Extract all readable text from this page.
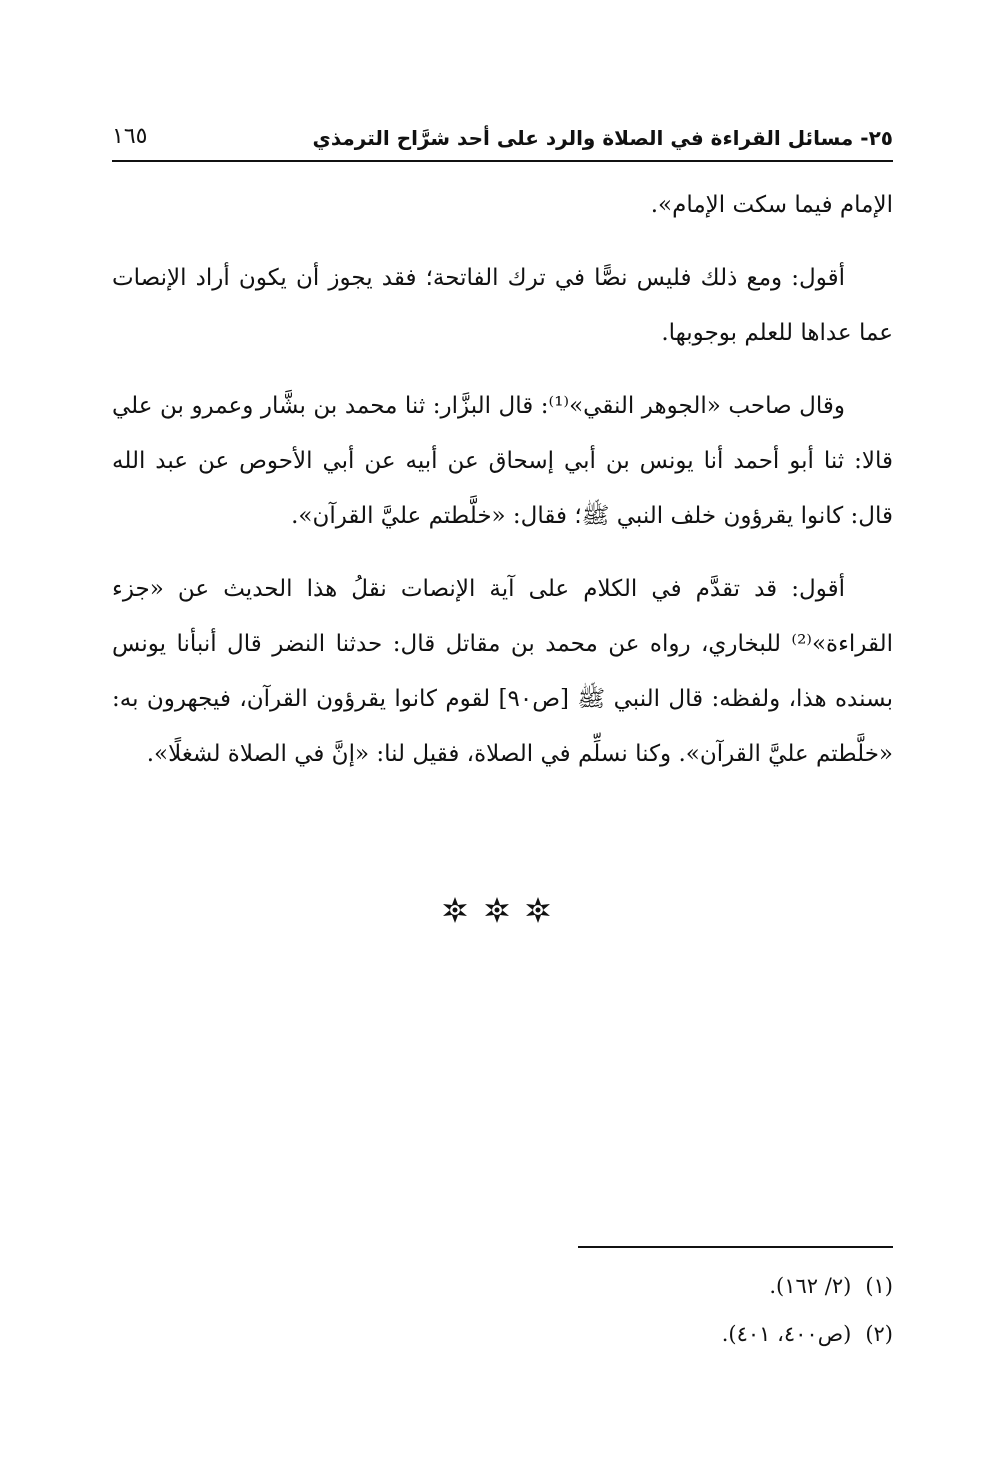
٢٥- مسائل القراءة في الصلاة والرد على أحد شرَّاح الترمذي
١٦٥

الإمام فيما سكت الإمام».

أقول: ومع ذلك فليس نصًّا في ترك الفاتحة؛ فقد يجوز أن يكون أراد الإنصات عما عداها للعلم بوجوبها.

وقال صاحب «الجوهر النقي»⁽¹⁾: قال البزَّار: ثنا محمد بن بشَّار وعمرو بن علي قالا: ثنا أبو أحمد أنا يونس بن أبي إسحاق عن أبيه عن أبي الأحوص عن عبد الله قال: كانوا يقرؤون خلف النبي ﷺ؛ فقال: «خلَّطتم عليَّ القرآن».

أقول: قد تقدَّم في الكلام على آية الإنصات نقلُ هذا الحديث عن «جزء القراءة»⁽²⁾ للبخاري، رواه عن محمد بن مقاتل قال: حدثنا النضر قال أنبأنا يونس بسنده هذا، ولفظه: قال النبي ﷺ [ص٩٠] لقوم كانوا يقرؤون القرآن، فيجهرون به: «خلَّطتم عليَّ القرآن». وكنا نسلِّم في الصلاة، فقيل لنا: «إنَّ في الصلاة لشغلًا».

(١)(٢/ ١٦٢).
(٢)(ص٤٠٠، ٤٠١).
